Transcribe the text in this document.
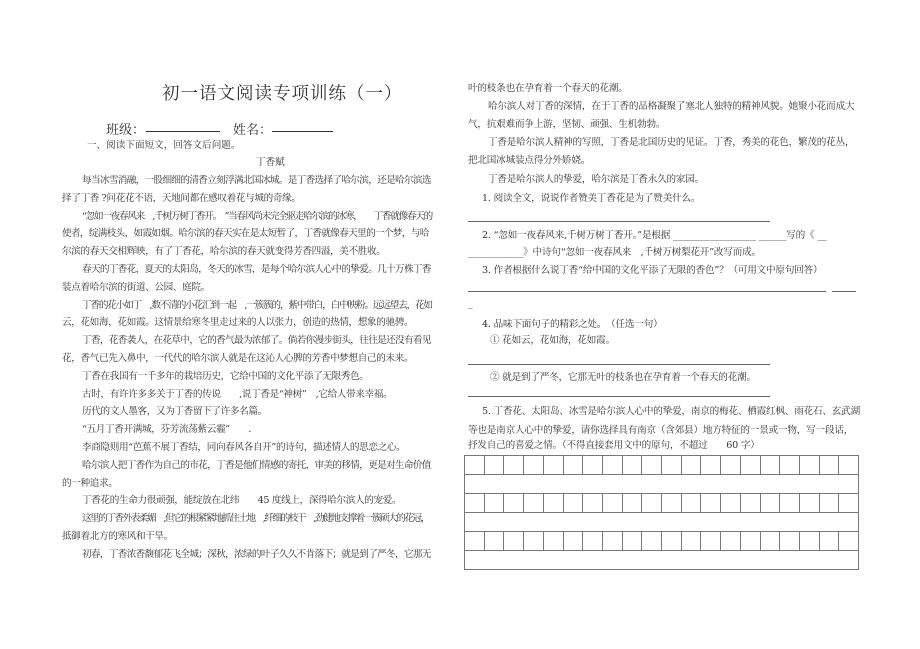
初一语文阅读专项训练（一）
班级：	姓名：
一、阅读下面短文，回答文后问题。
丁香赋
每当冰雪消融，一股细细的清香立刻浮满北国冰城。是丁香选择了哈尔滨，还是哈尔滨选
择了丁香 ?问花花不语，天地间都在感叹着花与城的奇缘。
“忽如一夜春风来　,千树万树丁香开。　”当春风尚未完全驱走哈尔滨的冰寒，　　丁香就像春天的
使者，绽满枝头，如霞如烟。哈尔滨的春天实在是太短暂了，丁香就像春天里的一个梦，与哈
尔滨的春天交相辉映，有了丁香花，哈尔滨的春天就变得芳香四溢，美不胜收。
春天的丁香花，夏天的太阳岛，冬天的冰雪，是每个哈尔滨人心中的挚爱。几十万株丁香
装点着哈尔滨的街道、公园、庭院。
丁香的花小如丁　,数不清的小花汇到一起　,一簇簇的，紫中带白，白中映粉。远远望去，花如
云，花如海，花如霞。这情景给寒冬里走过来的人以张力，创造的热情，想象的驰骋。
丁香，花香袭人，在花草中，它的香气最为浓郁了。倘若你漫步街头，往往是还没有看见
花，香气已先入鼻中，一代代的哈尔滨人就是在这沁人心脾的芳香中梦想自己的未来。
丁香在我国有一千多年的栽培历史，它给中国的文化平添了无限秀色。
古时，有许许多多关于丁香的传说　　,说丁香是“神树”　,它给人带来幸福。
历代的文人墨客，又为丁香留下了许多名篇。
“五月丁香开满城，芬芳流荡紫云霾”　　.
李商隐则用“芭蕉不展丁香结，同向春风各自开”的诗句，描述情人的思恋之心。
哈尔滨人把丁香作为自己的市花，丁香是他们情感的寄托，审美的移情，更是对生命价值
的一种追求。
丁香花的生命力很顽强，能绽放在北纬　　45 度线上，深得哈尔滨人的宠爱。
这里的丁香外表柔媚　,但它的根紧紧地抓住土地　,纤细的枝干　,劲健地支撑着一簇硕大的花冠，
抵御着北方的寒风和干旱。
初春，丁香浓香馥郁花飞全城；深秋，浓绿的叶子久久不肯落下；就是到了严冬，它那无
叶的枝条也在孕育着一个春天的花潮。
哈尔滨人对丁香的深情，在于丁香的品格凝聚了塞北人独特的精神风貌。她聚小花而成大
气，抗艰难而争上游，坚韧、顽强、生机勃勃。
丁香是哈尔滨人精神的写照，丁香是北国历史的见证。丁香，秀美的花色，繁茂的花丛，
把北国冰城装点得分外娇娆。
丁香是哈尔滨人的挚爱，哈尔滨是丁香永久的家园。
1. 阅读全文，说说作者赞美丁香花是为了赞美什么。
2. “忽如一夜春风来,千树万树丁香开。”是根据 __________________ ______写的《 __
____________》中诗句“忽如一夜春风来　,千树万树梨花开”改写而成。
3. 作者根据什么说丁香“给中国的文化平添了无限的香色”？（可用文中原句回答）
_
4. 品味下面句子的精彩之处。　（任选一句）
① 花如云，花如海，花如霞。
② 就是到了严冬，它那无叶的枝条也在孕育着一个春天的花潮。
5. 丁香花、太阳岛、冰雪是哈尔滨人心中的挚爱，南京的梅花、栖霞红枫、雨花石、玄武湖
等也是南京人心中的挚爱，请你选择具有南京（含郊县）地方特征的一景或一物，写一段话，
抒发自己的喜爱之情。（不得直接套用文中的原句，不超过　　60 字）
